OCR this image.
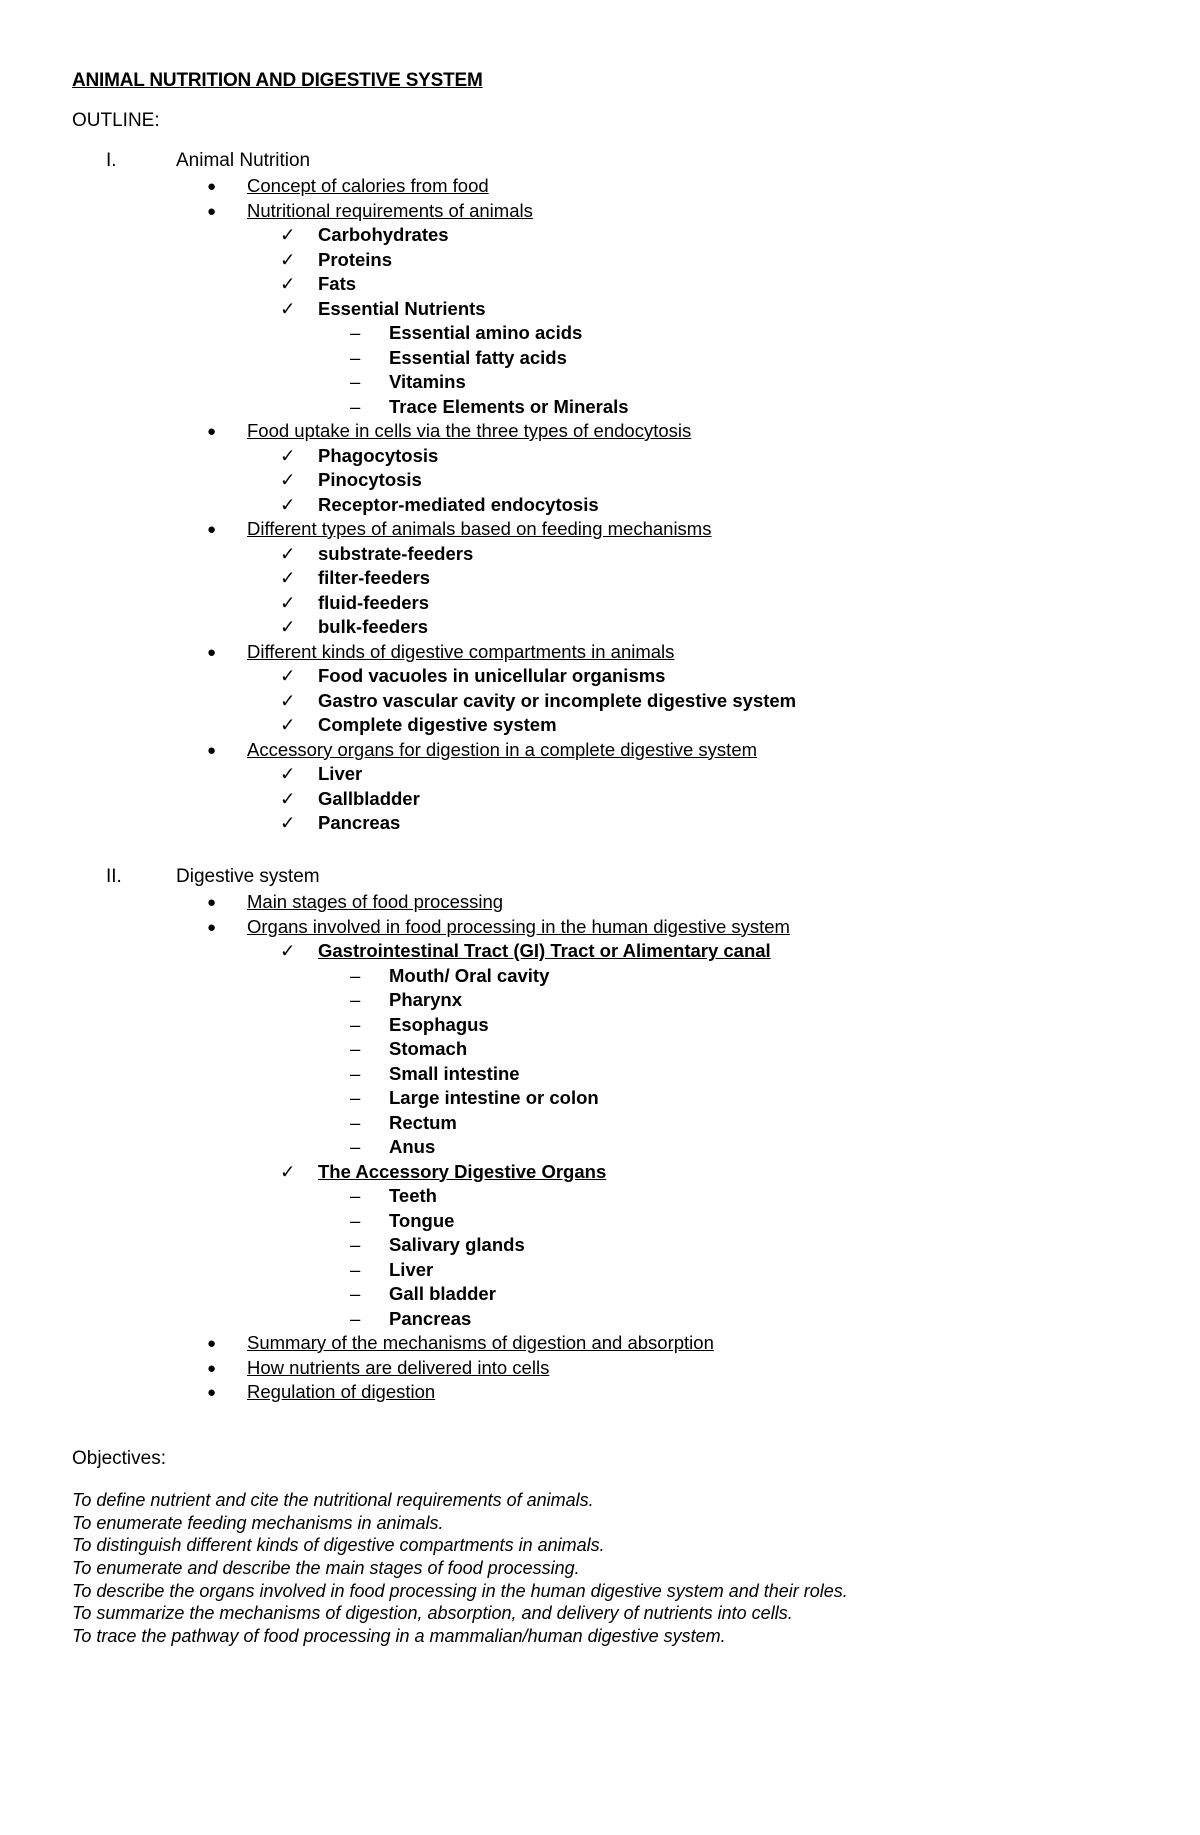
ANIMAL NUTRITION AND DIGESTIVE SYSTEM
OUTLINE:
I.	Animal Nutrition
● Concept of calories from food
● Nutritional requirements of animals
✓ Carbohydrates
✓ Proteins
✓ Fats
✓ Essential Nutrients
– Essential amino acids
– Essential fatty acids
– Vitamins
– Trace Elements or Minerals
● Food uptake in cells via the three types of endocytosis
✓ Phagocytosis
✓ Pinocytosis
✓ Receptor-mediated endocytosis
● Different types of animals based on feeding mechanisms
✓ substrate-feeders
✓ filter-feeders
✓ fluid-feeders
✓ bulk-feeders
● Different kinds of digestive compartments in animals
✓ Food vacuoles in unicellular organisms
✓ Gastro vascular cavity or incomplete digestive system
✓ Complete digestive system
● Accessory organs for digestion in a complete digestive system
✓ Liver
✓ Gallbladder
✓ Pancreas
II.	Digestive system
● Main stages of food processing
● Organs involved in food processing in the human digestive system
✓ Gastrointestinal Tract (GI) Tract or Alimentary canal
– Mouth/ Oral cavity
– Pharynx
– Esophagus
– Stomach
– Small intestine
– Large intestine or colon
– Rectum
– Anus
✓ The Accessory Digestive Organs
– Teeth
– Tongue
– Salivary glands
– Liver
– Gall bladder
– Pancreas
● Summary of the mechanisms of digestion and absorption
● How nutrients are delivered into cells
● Regulation of digestion
Objectives:
To define nutrient and cite the nutritional requirements of animals.
To enumerate feeding mechanisms in animals.
To distinguish different kinds of digestive compartments in animals.
To enumerate and describe the main stages of food processing.
To describe the organs involved in food processing in the human digestive system and their roles.
To summarize the mechanisms of digestion, absorption, and delivery of nutrients into cells.
To trace the pathway of food processing in a mammalian/human digestive system.
